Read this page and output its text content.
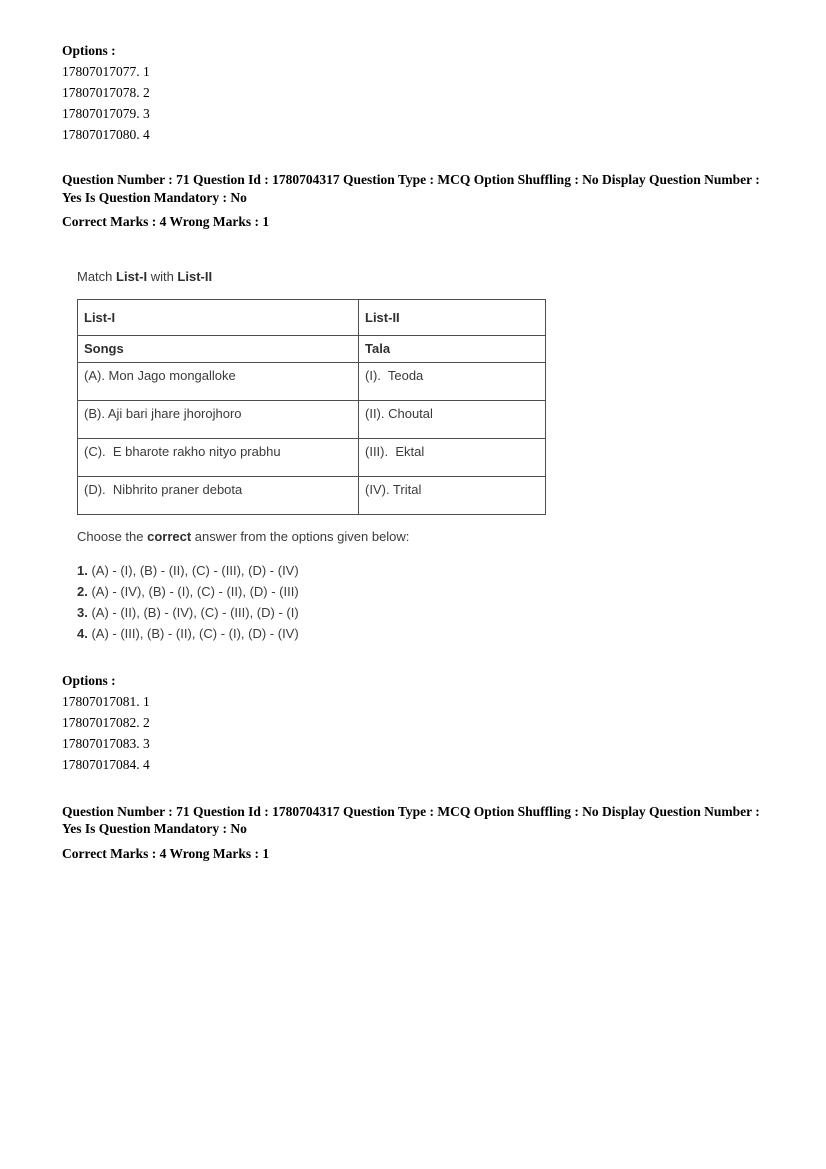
Options :
17807017077. 1
17807017078. 2
17807017079. 3
17807017080. 4
Question Number : 71 Question Id : 1780704317 Question Type : MCQ Option Shuffling : No Display Question Number : Yes Is Question Mandatory : No
Correct Marks : 4 Wrong Marks : 1
Match List-I with List-II
List-I	List-II
Songs	Tala
(A). Mon Jago mongalloke	(I).  Teoda
(B). Aji bari jhare jhorojhoro	(II). Choutal
(C).  E bharote rakho nityo prabhu	(III).  Ektal
(D).  Nibhrito praner debota	(IV). Trital
Choose the correct answer from the options given below:
1. (A) - (I), (B) - (II), (C) - (III), (D) - (IV)
2. (A) - (IV), (B) - (I), (C) - (II), (D) - (III)
3. (A) - (II), (B) - (IV), (C) - (III), (D) - (I)
4. (A) - (III), (B) - (II), (C) - (I), (D) - (IV)
Options :
17807017081. 1
17807017082. 2
17807017083. 3
17807017084. 4
Question Number : 71 Question Id : 1780704317 Question Type : MCQ Option Shuffling : No Display Question Number : Yes Is Question Mandatory : No
Correct Marks : 4 Wrong Marks : 1
